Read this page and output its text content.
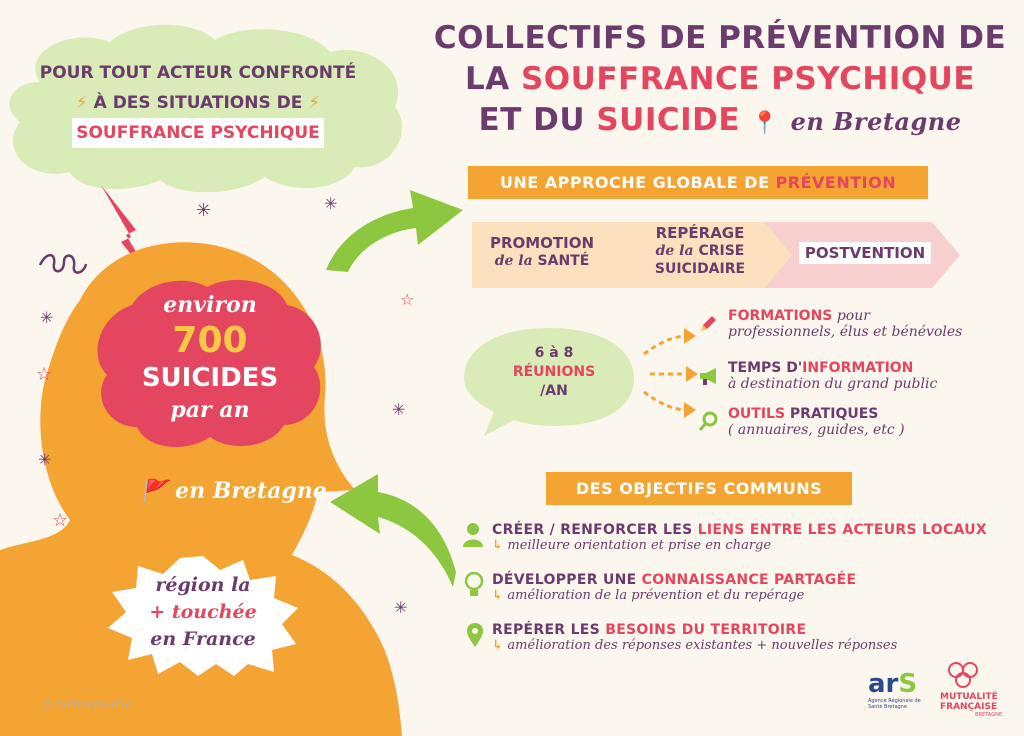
POUR TOUT ACTEUR CONFRONTÉ
⚡ À DES SITUATIONS DE ⚡
SOUFFRANCE PSYCHIQUE
environ
700
SUICIDES
par an
🚩 en Bretagne
région la
+ touchée
en France
@ helenepouille
✳	✳
✳
✳
✳
✳
☆
☆
☆
COLLECTIFS DE PRÉVENTION DE
LA SOUFFRANCE PSYCHIQUE
ET DU SUICIDE 📍 en Bretagne
UNE APPROCHE GLOBALE DE PRÉVENTION
PROMOTION
de la SANTÉ
REPÉRAGE
de la CRISE
SUICIDAIRE
POSTVENTION
6 à 8
RÉUNIONS
/AN
FORMATIONS pour
professionnels, élus et bénévoles
TEMPS D'INFORMATION
à destination du grand public
OUTILS PRATIQUES
( annuaires, guides, etc )
DES OBJECTIFS COMMUNS
CRÉER / RENFORCER LES LIENS ENTRE LES ACTEURS LOCAUX
↳ meilleure orientation et prise en charge
DÉVELOPPER UNE CONNAISSANCE PARTAGÉE
↳ amélioration de la prévention et du repérage
REPÉRER LES BESOINS DU TERRITOIRE
↳ amélioration des réponses existantes + nouvelles réponses
arS
Agence Régionale de Santé Bretagne
MUTUALITÉ
FRANÇAISE
BRETAGNE
